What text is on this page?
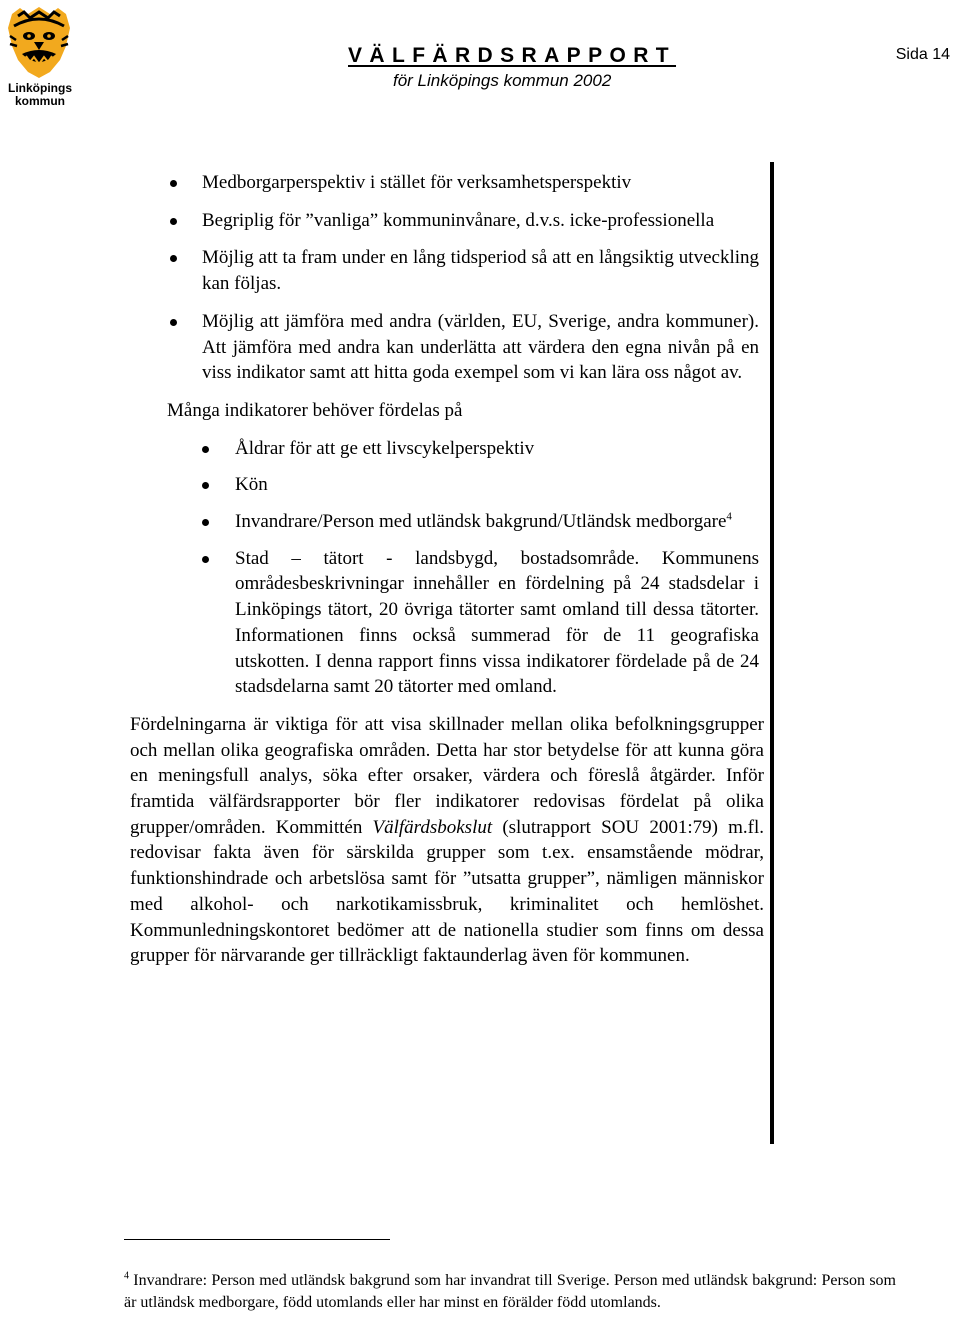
Linköpings
kommun
VÄLFÄRDSRAPPORT
för Linköpings kommun 2002
Sida 14
Medborgarperspektiv i stället för verksamhetsperspektiv
Begriplig för ”vanliga” kommuninvånare, d.v.s. icke-professionella
Möjlig att ta fram under en lång tidsperiod så att en långsiktig utveckling kan följas.
Möjlig att jämföra med andra (världen, EU, Sverige, andra kommuner). Att jämföra med andra kan underlätta att värdera den egna nivån på en viss indikator samt att hitta goda exempel som vi kan lära oss något av.

Många indikatorer behöver fördelas på

Åldrar för att ge ett livscykelperspektiv
Kön
Invandrare/Person med utländsk bakgrund/Utländsk medborgare$^4$
Stad – tätort - landsbygd, bostadsområde. Kommunens områdesbeskrivningar innehåller en fördelning på 24 stadsdelar i Linköpings tätort, 20 övriga tätorter samt omland till dessa tätorter. Informationen finns också summerad för de 11 geografiska utskotten. I denna rapport finns vissa indikatorer fördelade på de 24 stadsdelarna samt 20 tätorter med omland.

Fördelningarna är viktiga för att visa skillnader mellan olika befolkningsgrupper och mellan olika geografiska områden. Detta har stor betydelse för att kunna göra en meningsfull analys, söka efter orsaker, värdera och föreslå åtgärder. Inför framtida välfärdsrapporter bör fler indikatorer redovisas fördelat på olika grupper/områden. Kommittén Välfärdsbokslut (slutrapport SOU 2001:79) m.fl. redovisar fakta även för särskilda grupper som t.ex. ensamstående mödrar, funktionshindrade och arbetslösa samt för ”utsatta grupper”, nämligen människor med alkohol- och narkotikamissbruk, kriminalitet och hemlöshet. Kommunledningskontoret bedömer att de nationella studier som finns om dessa grupper för närvarande ger tillräckligt faktaunderlag även för kommunen.

$^4$ Invandrare: Person med utländsk bakgrund som har invandrat till Sverige. Person med utländsk bakgrund: Person som är utländsk medborgare, född utomlands eller har minst en förälder född utomlands.
